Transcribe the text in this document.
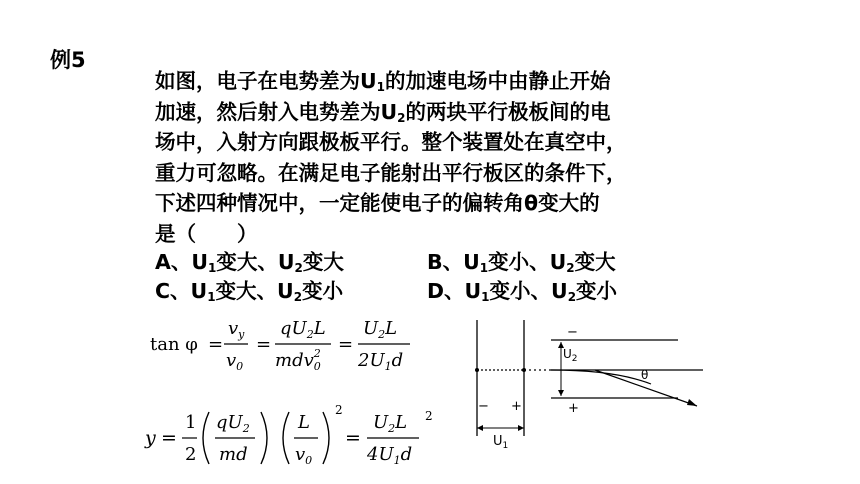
例5

如图，电子在电势差为$U_1$的加速电场中由静止开始

加速，然后射入电势差为$U_2$的两块平行极板间的电

场中，入射方向跟极板平行。整个装置处在真空中，

重力可忽略。在满足电子能射出平行板区的条件下，

下述四种情况中，一定能使电子的偏转角θ变大的

是（　　）

A、$U_1$变大、$U_2$变大	B、$U_1$变小、$U_2$变大
C、$U_1$变大、$U_2$变小	D、$U_1$变小、$U_2$变小
tan φ =
$v_y$
$v_0$
=
$qU_2L$
mdv$_0$2 =
$U_2L$
$2U_1d$
y =
1
2
$qU_2$
md
L
$v_0$
2
=
$U_2L$
$4U_1d$
2
− +
$U_1$
−
+
$U_2$
θ
